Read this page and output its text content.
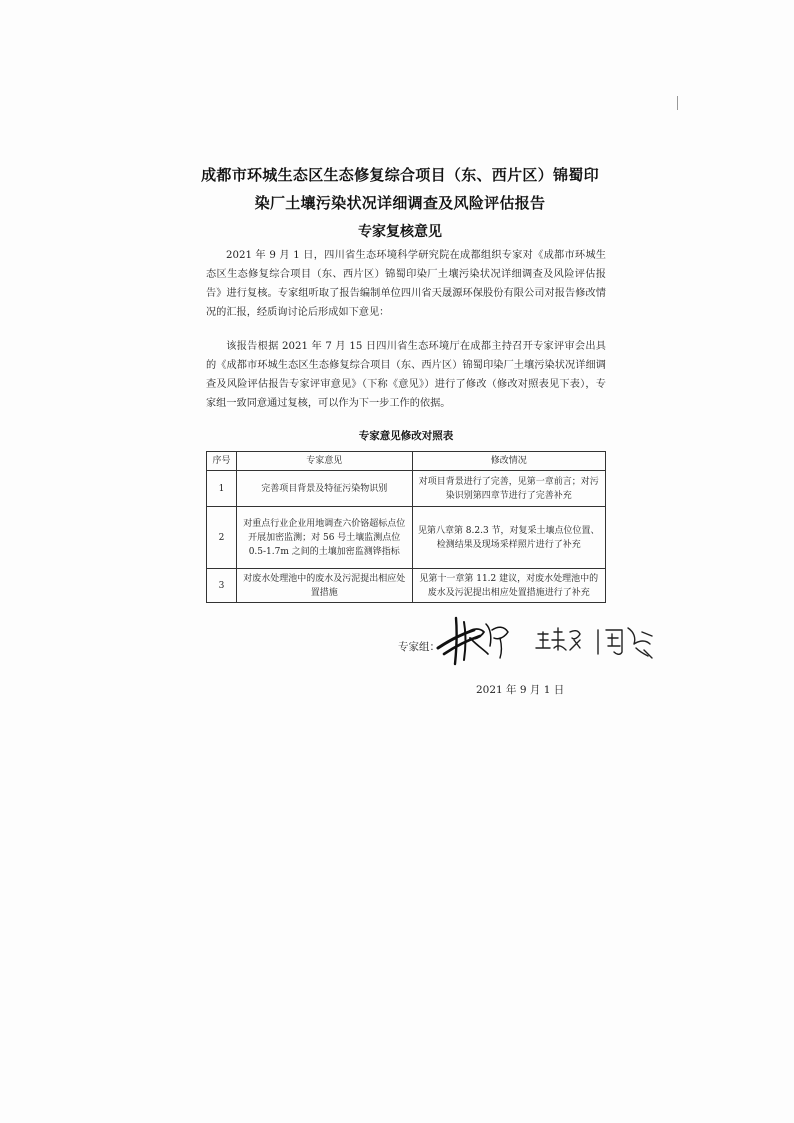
成都市环城生态区生态修复综合项目（东、西片区）锦蜀印
染厂土壤污染状况详细调查及风险评估报告
专家复核意见
2021 年 9 月 1 日，四川省生态环境科学研究院在成都组织专家对《成都市环城生态区生态修复综合项目（东、西片区）锦蜀印染厂土壤污染状况详细调查及风险评估报告》进行复核。专家组听取了报告编制单位四川省天晟源环保股份有限公司对报告修改情况的汇报，经质询讨论后形成如下意见：
该报告根据 2021 年 7 月 15 日四川省生态环境厅在成都主持召开专家评审会出具的《成都市环城生态区生态修复综合项目（东、西片区）锦蜀印染厂土壤污染状况详细调查及风险评估报告专家评审意见》（下称《意见》）进行了修改（修改对照表见下表），专家组一致同意通过复核，可以作为下一步工作的依据。
专家意见修改对照表
序号	专家意见	修改情况
1	完善项目背景及特征污染物识别	对项目背景进行了完善，见第一章前言；对污染识别第四章节进行了完善补充
2	对重点行业企业用地调查六价铬超标点位开展加密监测；对 56 号土壤监测点位 0.5-1.7m 之间的土壤加密监测铧指标	见第八章第 8.2.3 节，对复采土壤点位位置、检测结果及现场采样照片进行了补充
3	对废水处理池中的废水及污泥提出相应处置措施	见第十一章第 11.2 建议，对废水处理池中的废水及污泥提出相应处置措施进行了补充
专家组：
2021 年 9 月 1 日
